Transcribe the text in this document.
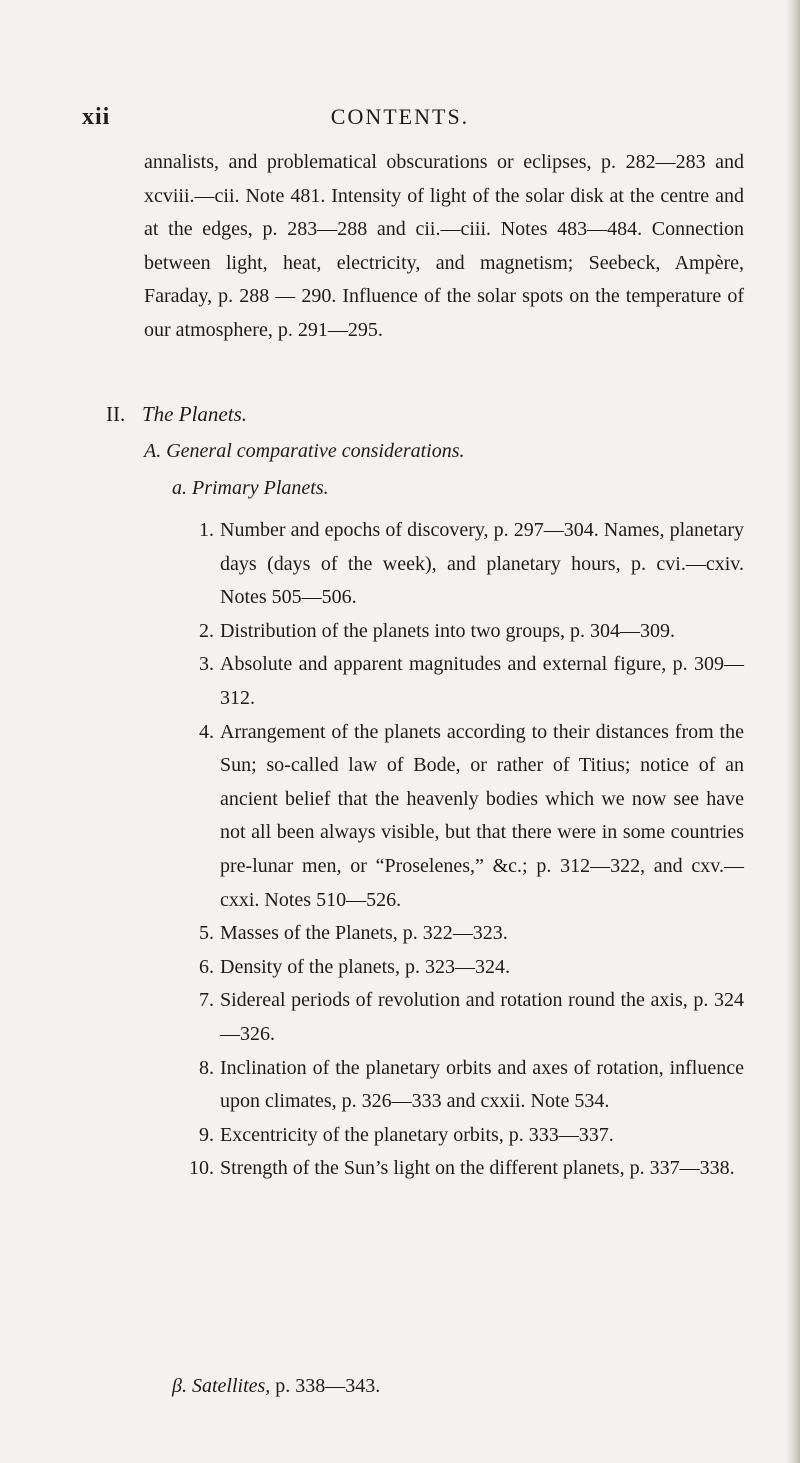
xii	CONTENTS.

annalists, and problematical obscurations or eclipses, p. 282—283 and xcviii.—cii. Note 481. Intensity of light of the solar disk at the centre and at the edges, p. 283—288 and cii.—ciii. Notes 483—484. Connection between light, heat, electricity, and magnetism; Seebeck, Ampère, Faraday, p. 288 — 290. Influence of the solar spots on the temperature of our atmosphere, p. 291—295.

II. The Planets.

A. General comparative considerations.

a. Primary Planets.

1. Number and epochs of discovery, p. 297—304. Names, planetary days (days of the week), and planetary hours, p. cvi.—cxiv. Notes 505—506.
2. Distribution of the planets into two groups, p. 304—309.
3. Absolute and apparent magnitudes and external figure, p. 309—312.
4. Arrangement of the planets according to their distances from the Sun; so-called law of Bode, or rather of Titius; notice of an ancient belief that the heavenly bodies which we now see have not all been always visible, but that there were in some countries pre-lunar men, or “Proselenes,” &c.; p. 312—322, and cxv.—cxxi. Notes 510—526.
5. Masses of the Planets, p. 322—323.
6. Density of the planets, p. 323—324.
7. Sidereal periods of revolution and rotation round the axis, p. 324—326.
8. Inclination of the planetary orbits and axes of rotation, influence upon climates, p. 326—333 and cxxii. Note 534.
9. Excentricity of the planetary orbits, p. 333—337.
10. Strength of the Sun’s light on the different planets, p. 337—338.

β. Satellites, p. 338—343.
